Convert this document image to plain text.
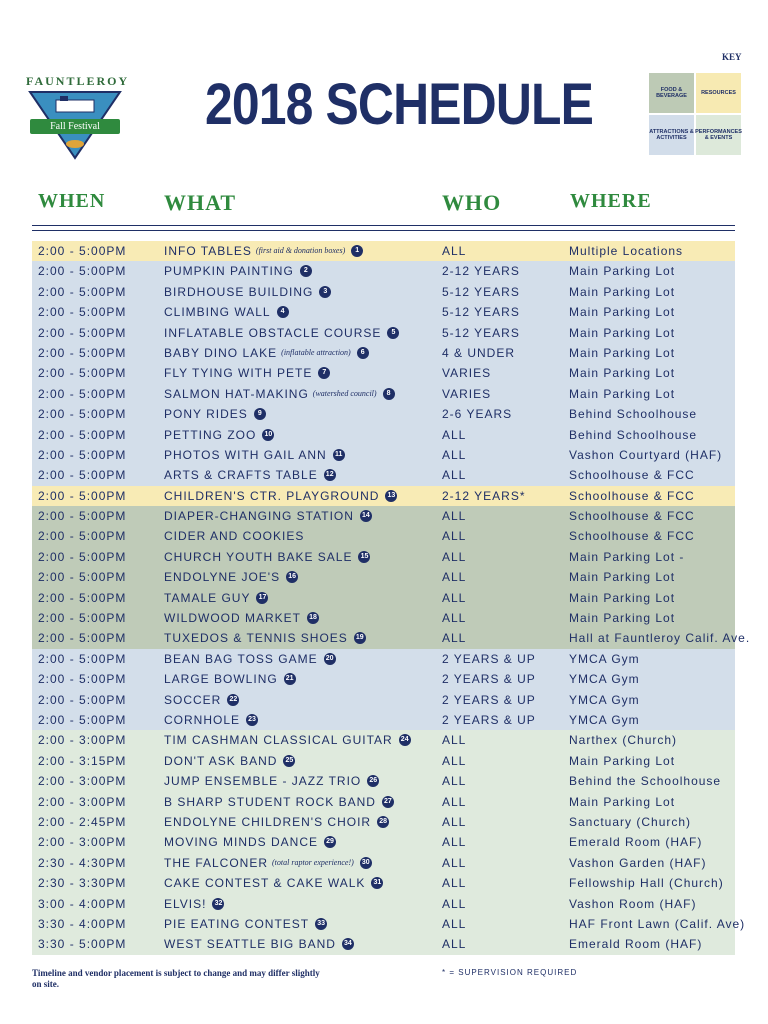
FAUNTLEROY
Fall Festival	2018 SCHEDULE
KEY
FOOD & BEVERAGE	RESOURCES
ATTRACTIONS & ACTIVITIES
PERFORMANCES & EVENTS
WHEN	WHAT	WHO	WHERE
2:00 - 5:00PM	INFO TABLES (first aid & donation boxes)	1	ALL	Multiple Locations
2:00 - 5:00PM	PUMPKIN PAINTING	2	2-12 YEARS	Main Parking Lot
2:00 - 5:00PM	BIRDHOUSE BUILDING	3	5-12 YEARS	Main Parking Lot
2:00 - 5:00PM	CLIMBING WALL	4	5-12 YEARS	Main Parking Lot
2:00 - 5:00PM	INFLATABLE OBSTACLE COURSE	5	5-12 YEARS	Main Parking Lot
2:00 - 5:00PM	BABY DINO LAKE (inflatable attraction)	6	4 & UNDER	Main Parking Lot
2:00 - 5:00PM	FLY TYING WITH PETE	7	VARIES	Main Parking Lot
2:00 - 5:00PM	SALMON HAT-MAKING (watershed council)	8	VARIES	Main Parking Lot
2:00 - 5:00PM	PONY RIDES	9	2-6 YEARS	Behind Schoolhouse
2:00 - 5:00PM	PETTING ZOO 10	ALL	Behind Schoolhouse
2:00 - 5:00PM	PHOTOS WITH GAIL ANN	11	ALL	Vashon Courtyard (HAF)
2:00 - 5:00PM	ARTS & CRAFTS TABLE 12	ALL	Schoolhouse & FCC
2:00 - 5:00PM	CHILDREN'S CTR. PLAYGROUND 13	2-12 YEARS*	Schoolhouse & FCC
2:00 - 5:00PM	DIAPER-CHANGING STATION 14	ALL	Schoolhouse & FCC
2:00 - 5:00PM	CIDER AND COOKIES	ALL	Schoolhouse & FCC
2:00 - 5:00PM	CHURCH YOUTH BAKE SALE 15	ALL	Main Parking Lot -
2:00 - 5:00PM	ENDOLYNE JOE'S 16	ALL	Main Parking Lot
2:00 - 5:00PM	TAMALE GUY 17	ALL	Main Parking Lot
2:00 - 5:00PM	WILDWOOD MARKET 18	ALL	Main Parking Lot
2:00 - 5:00PM	TUXEDOS & TENNIS SHOES 19	ALL	Hall at Fauntleroy Calif. Ave.
2:00 - 5:00PM	BEAN BAG TOSS GAME 20	2 YEARS & UP	YMCA Gym
2:00 - 5:00PM	LARGE BOWLING 21	2 YEARS & UP	YMCA Gym
2:00 - 5:00PM	SOCCER 22	2 YEARS & UP	YMCA Gym
2:00 - 5:00PM	CORNHOLE 23	2 YEARS & UP	YMCA Gym
2:00 - 3:00PM	TIM CASHMAN CLASSICAL GUITAR 24	ALL	Narthex (Church)
2:00 - 3:15PM	DON'T ASK BAND 25	ALL	Main Parking Lot
2:00 - 3:00PM	JUMP ENSEMBLE - JAZZ TRIO 26	ALL	Behind the Schoolhouse
2:00 - 3:00PM	B SHARP STUDENT ROCK BAND 27	ALL	Main Parking Lot
2:00 - 2:45PM	ENDOLYNE CHILDREN'S CHOIR 28	ALL	Sanctuary (Church)
2:00 - 3:00PM	MOVING MINDS DANCE 29	ALL	Emerald Room (HAF)
2:30 - 4:30PM	THE FALCONER (total raptor experience!) 30	ALL	Vashon Garden (HAF)
2:30 - 3:30PM	CAKE CONTEST & CAKE WALK 31	ALL	Fellowship Hall (Church)
3:00 - 4:00PM	ELVIS! 32	ALL	Vashon Room (HAF)
3:30 - 4:00PM	PIE EATING CONTEST 33	ALL	HAF Front Lawn (Calif. Ave)
3:30 - 5:00PM	WEST SEATTLE BIG BAND 34	ALL	Emerald Room (HAF)
Timeline and vendor placement is subject to change and may differ slightly on site.
* = SUPERVISION REQUIRED
